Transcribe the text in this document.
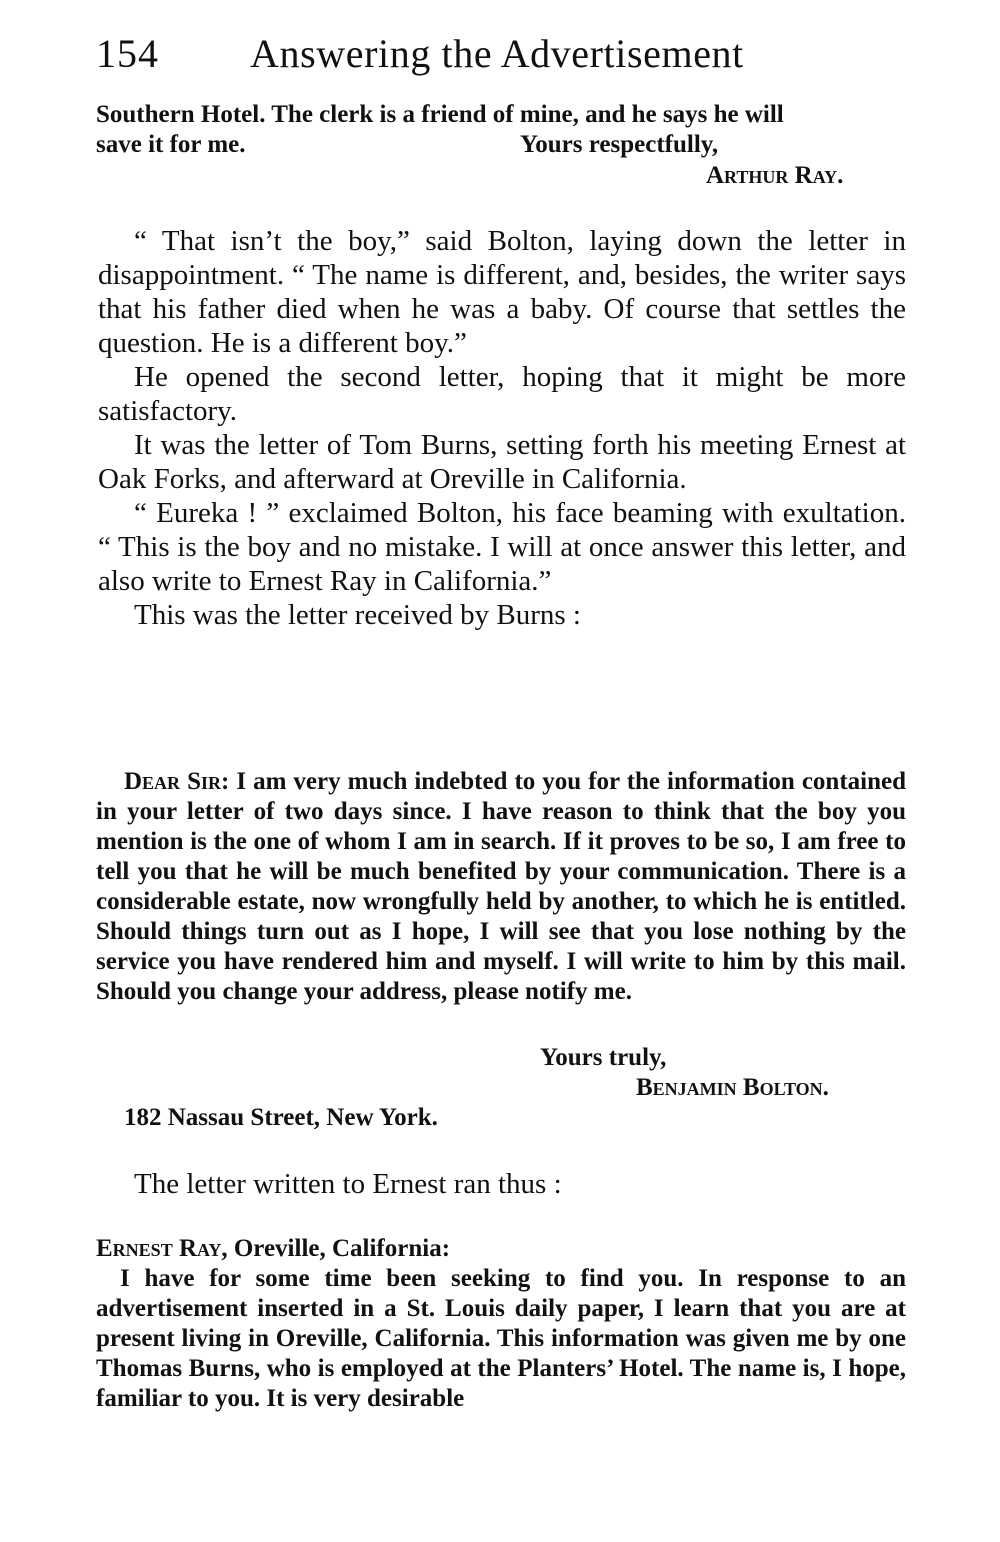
154 Answering the Advertisement
Southern Hotel. The clerk is a friend of mine, and he says he will
save it for me.	Yours respectfully,
Arthur Ray.

“ That isn’t the boy,” said Bolton, laying down the letter in disappointment. “ The name is different, and, besides, the writer says that his father died when he was a baby. Of course that settles the question. He is a different boy.”

He opened the second letter, hoping that it might be more satisfactory.

It was the letter of Tom Burns, setting forth his meeting Ernest at Oak Forks, and afterward at Oreville in California.

“ Eureka ! ” exclaimed Bolton, his face beaming with exultation. “ This is the boy and no mistake. I will at once answer this letter, and also write to Ernest Ray in California.”

This was the letter received by Burns :

Dear Sir: I am very much indebted to you for the information contained in your letter of two days since. I have reason to think that the boy you mention is the one of whom I am in search. If it proves to be so, I am free to tell you that he will be much benefited by your communication. There is a considerable estate, now wrongfully held by another, to which he is entitled. Should things turn out as I hope, I will see that you lose nothing by the service you have rendered him and myself. I will write to him by this mail. Should you change your address, please notify me.

Yours truly,
Benjamin Bolton.
182 Nassau Street, New York.

The letter written to Ernest ran thus :

Ernest Ray, Oreville, California:

I have for some time been seeking to find you. In response to an advertisement inserted in a St. Louis daily paper, I learn that you are at present living in Oreville, California. This information was given me by one Thomas Burns, who is employed at the Planters’ Hotel. The name is, I hope, familiar to you. It is very desirable
